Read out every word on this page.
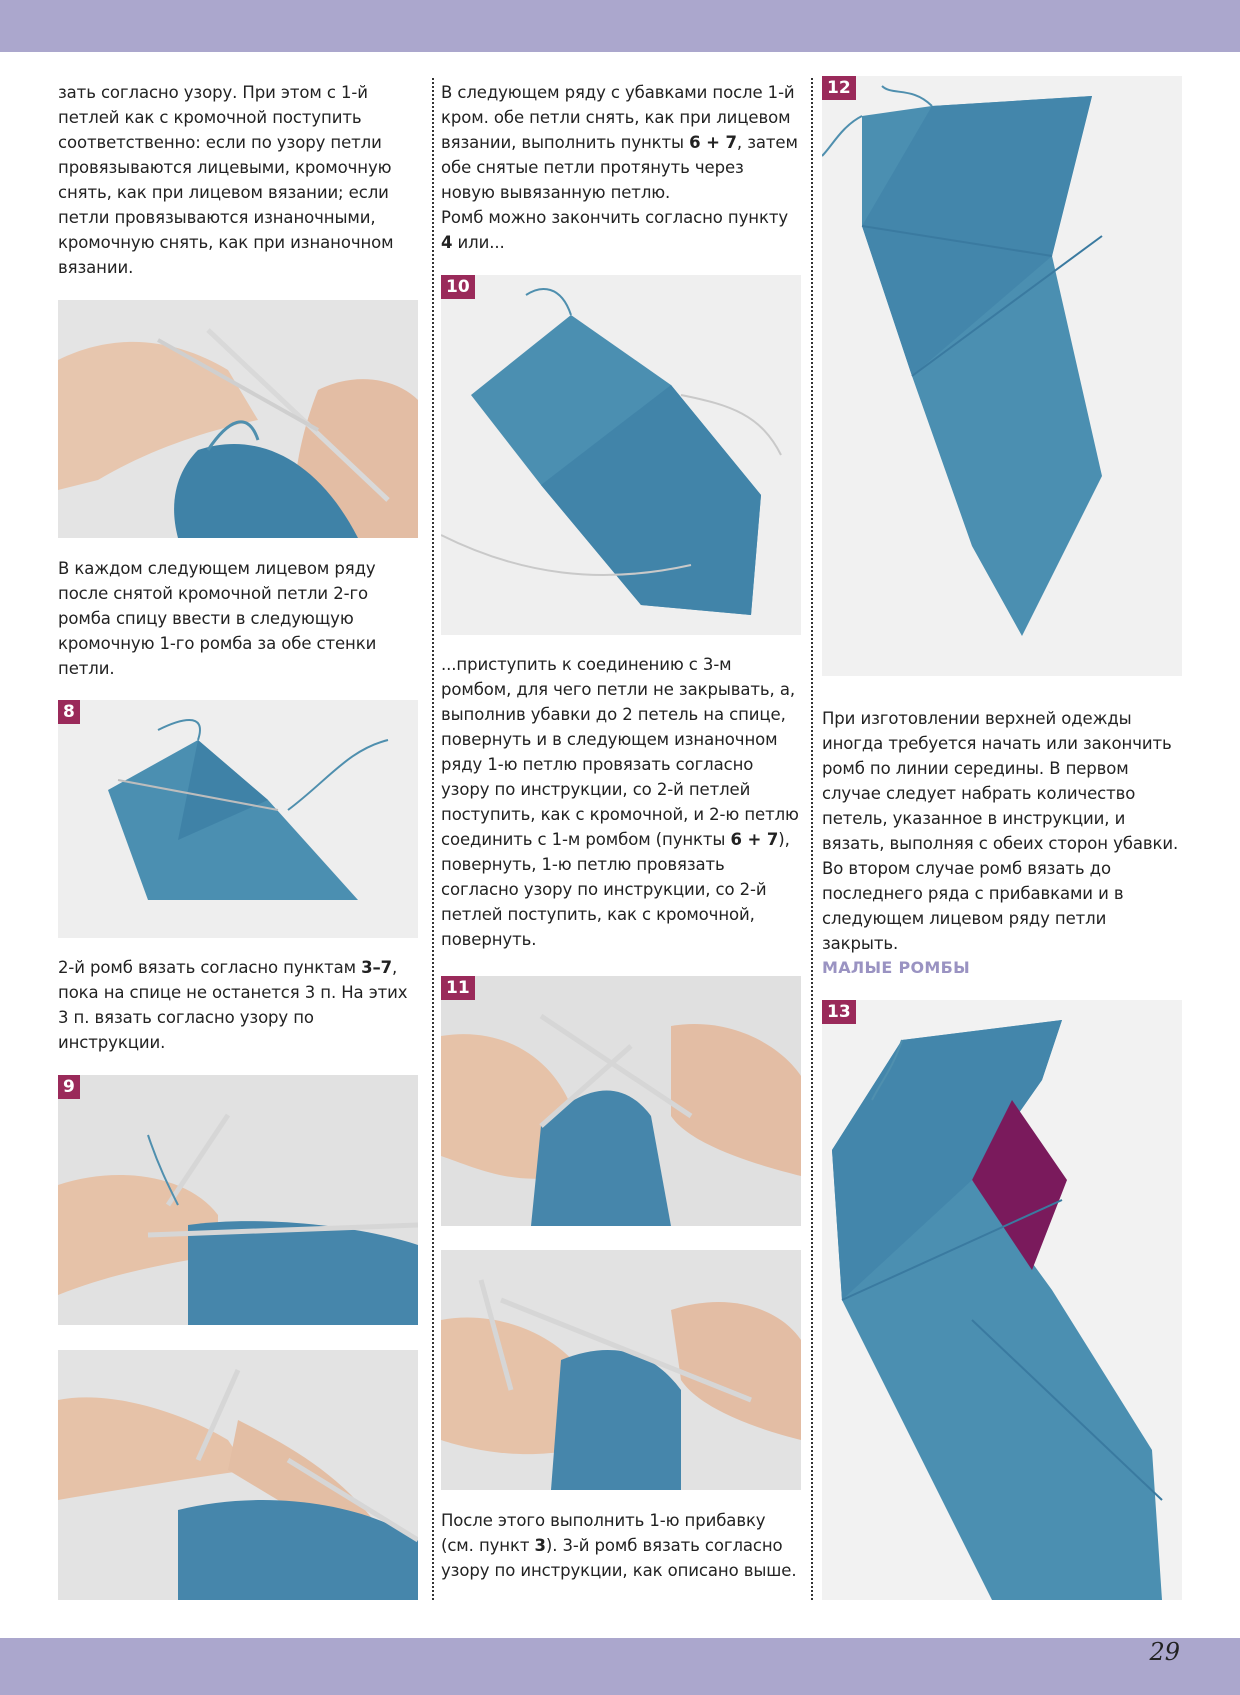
зать согласно узору. При этом с 1-й петлей как с кромочной поступить соответственно: если по узору петли провязываются лицевыми, кромочную снять, как при лицевом вязании; если петли провязываются изнаночными, кромочную снять, как при изнаночном вязании.

В каждом следующем лицевом ряду после снятой кромочной петли 2-го ромба спицу ввести в следующую кромочную 1-го ромба за обе стенки петли.

8

2-й ромб вязать согласно пунктам 3–7, пока на спице не останется 3 п. На этих 3 п. вязать согласно узору по инструкции.

9

В следующем ряду с убавками после 1-й кром. обе петли снять, как при лицевом вязании, выполнить пункты 6 + 7, затем обе снятые петли протянуть через новую вывязанную петлю.
Ромб можно закончить согласно пункту 4 или...

10

...приступить к соединению с 3-м ромбом, для чего петли не закрывать, а, выполнив убавки до 2 петель на спице, повернуть и в следующем изнаночном ряду 1-ю петлю провязать согласно узору по инструкции, со 2-й петлей поступить, как с кромочной, и 2-ю петлю соединить с 1-м ромбом (пункты 6 + 7), повернуть, 1-ю петлю провязать согласно узору по инструкции, со 2-й петлей поступить, как с кромочной, повернуть.

11

После этого выполнить 1-ю прибавку (см. пункт 3). 3-й ромб вязать согласно узору по инструкции, как описано выше.

12

При изготовлении верхней одежды иногда требуется начать или закончить ромб по линии середины. В первом случае следует набрать количество петель, указанное в инструкции, и вязать, выполняя с обеих сторон убавки. Во втором случае ромб вязать до последнего ряда с прибавками и в следующем лицевом ряду петли закрыть.

МАЛЫЕ РОМБЫ

13
29
